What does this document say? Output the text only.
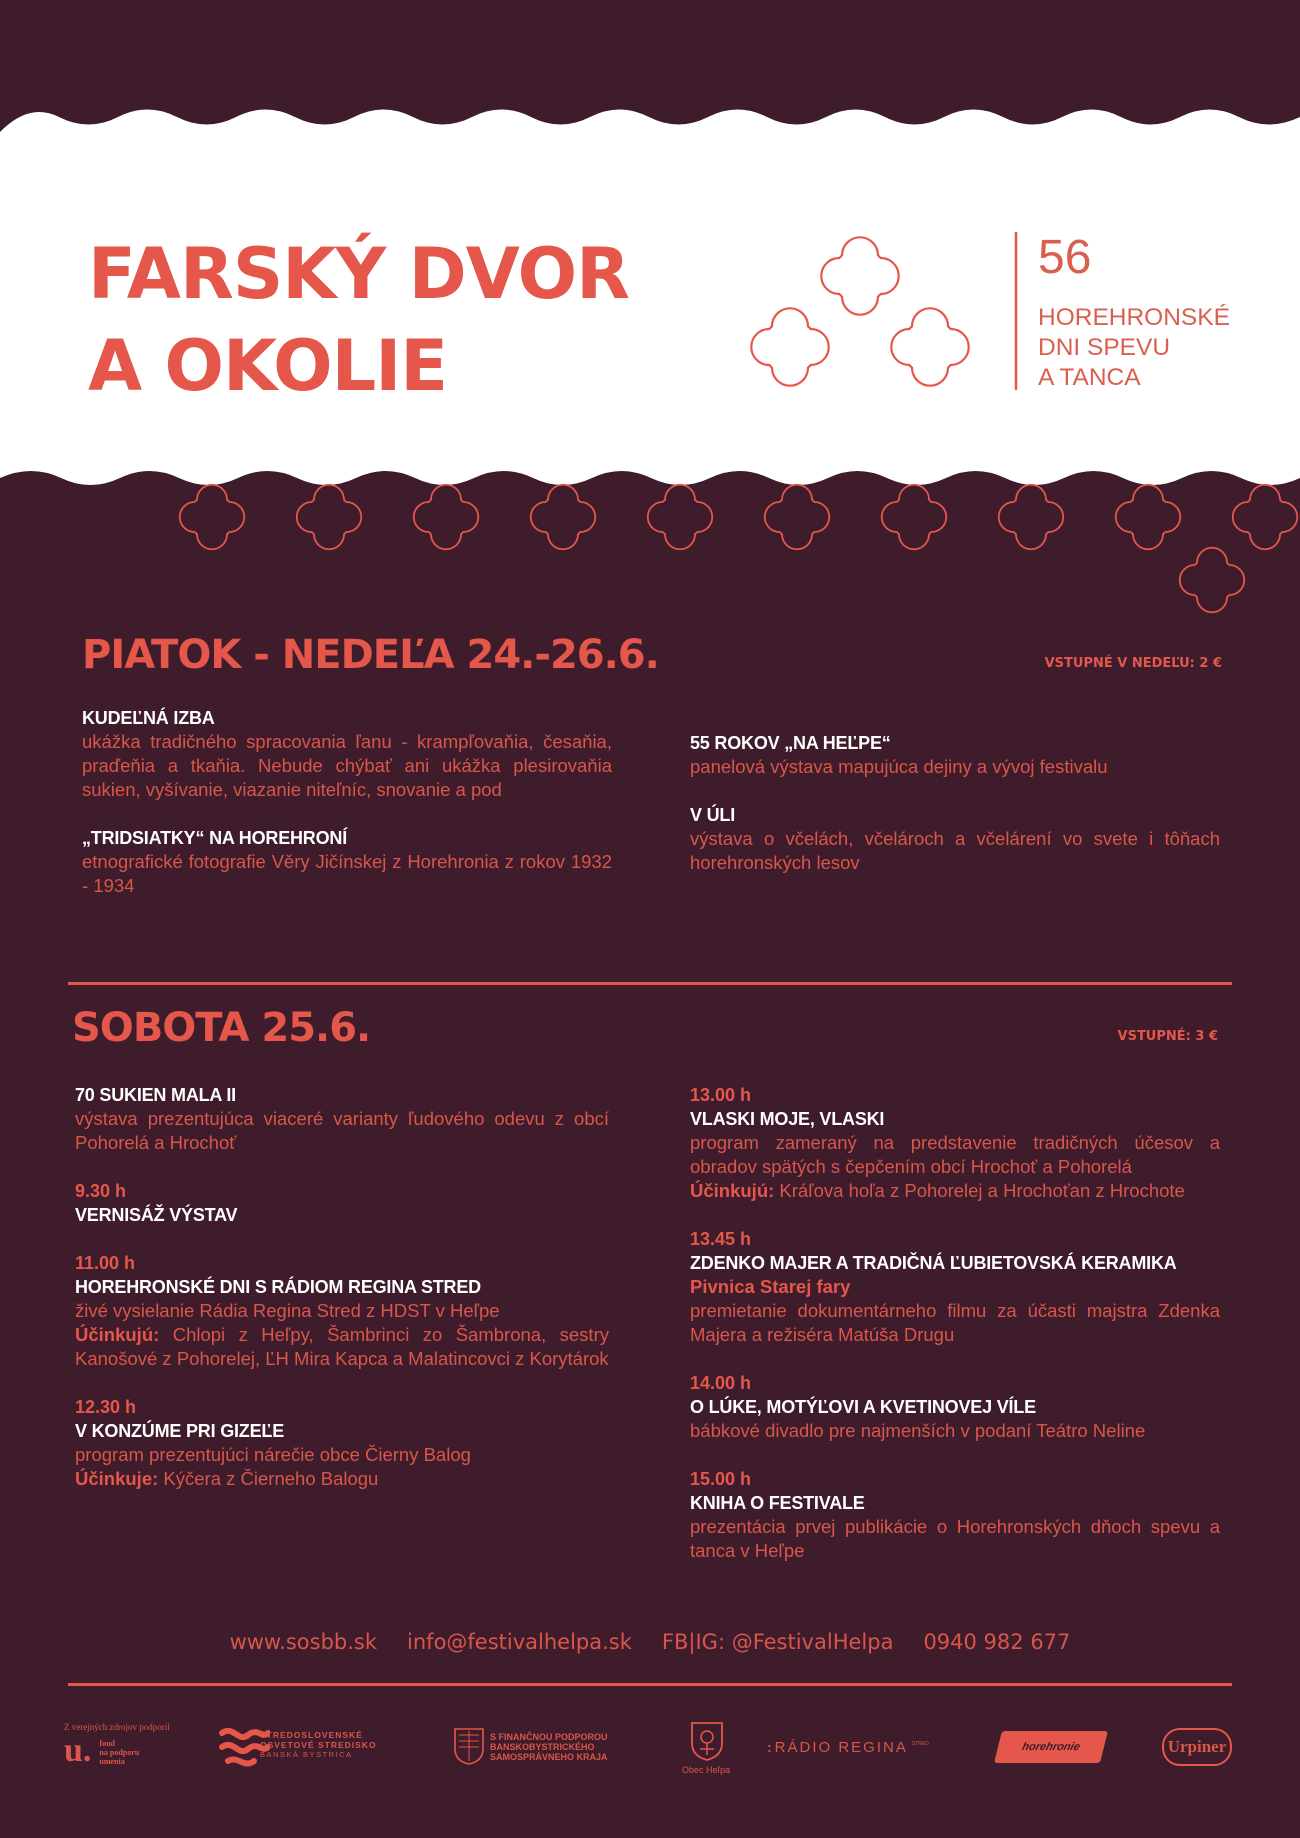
FARSKÝ DVOR
A OKOLIE
56
HOREHRONSKÉ
DNI SPEVU
A TANCA
PIATOK - NEDEĽA 24.-26.6.	VSTUPNÉ V NEDEĽU: 2 €
KUDEĽNÁ IZBA
ukážka tradičného spracovania ľanu - krampľovaňia, česaňia, praďeňia a tkaňia. Nebude chýbať ani ukážka plesirovaňia sukien, vyšívanie, viazanie niteľníc, snovanie a pod
„TRIDSIATKY“ NA HOREHRONÍ
etnografické fotografie Věry Jičínskej z Horehronia z rokov 1932 - 1934
55 ROKOV „NA HEĽPE“
panelová výstava mapujúca dejiny a vývoj festivalu
V ÚLI
výstava o včelách, včelároch a včelárení vo svete i tôňach horehronských lesov
SOBOTA 25.6.	VSTUPNÉ: 3 €
70 SUKIEN MALA II
výstava prezentujúca viaceré varianty ľudového odevu z obcí Pohorelá a Hrochoť
9.30 h
VERNISÁŽ VÝSTAV
11.00 h
HOREHRONSKÉ DNI S RÁDIOM REGINA STRED
živé vysielanie Rádia Regina Stred z HDST v Heľpe
Účinkujú: Chlopi z Heľpy, Šambrinci zo Šambrona, sestry Kanošové z Pohorelej, ĽH Mira Kapca a Malatincovci z Korytárok
12.30 h
V KONZÚME PRI GIZEĽE
program prezentujúci nárečie obce Čierny Balog
Účinkuje: Kýčera z Čierneho Balogu
13.00 h
VLASKI MOJE, VLASKI
program zameraný na predstavenie tradičných účesov a obradov spätých s čepčením obcí Hrochoť a Pohorelá
Účinkujú: Kráľova hoľa z Pohorelej a Hrochoťan z Hrochote
13.45 h
ZDENKO MAJER A TRADIČNÁ ĽUBIETOVSKÁ KERAMIKA
Pivnica Starej fary
premietanie dokumentárneho filmu za účasti majstra Zdenka Majera a režiséra Matúša Drugu
14.00 h
O LÚKE, MOTÝĽOVI A KVETINOVEJ VÍLE
bábkové divadlo pre najmenších v podaní Teátro Neline
15.00 h
KNIHA O FESTIVALE
prezentácia prvej publikácie o Horehronských dňoch spevu a tanca v Heľpe
www.sosbb.sk info@festivalhelpa.sk FB|IG: @FestivalHelpa 0940 982 677
Z verejných zdrojov podporil
u. fond
na podporu
umenia
STREDOSLOVENSKÉ
OSVETOVÉ STREDISKO
BANSKÁ BYSTRICA
S FINANČNOU PODPOROU
BANSKOBYSTRICKÉHO
SAMOSPRÁVNEHO KRAJA
Obec Heľpa
: RÁDIO REGINA STRED	horehronie	Urpiner
